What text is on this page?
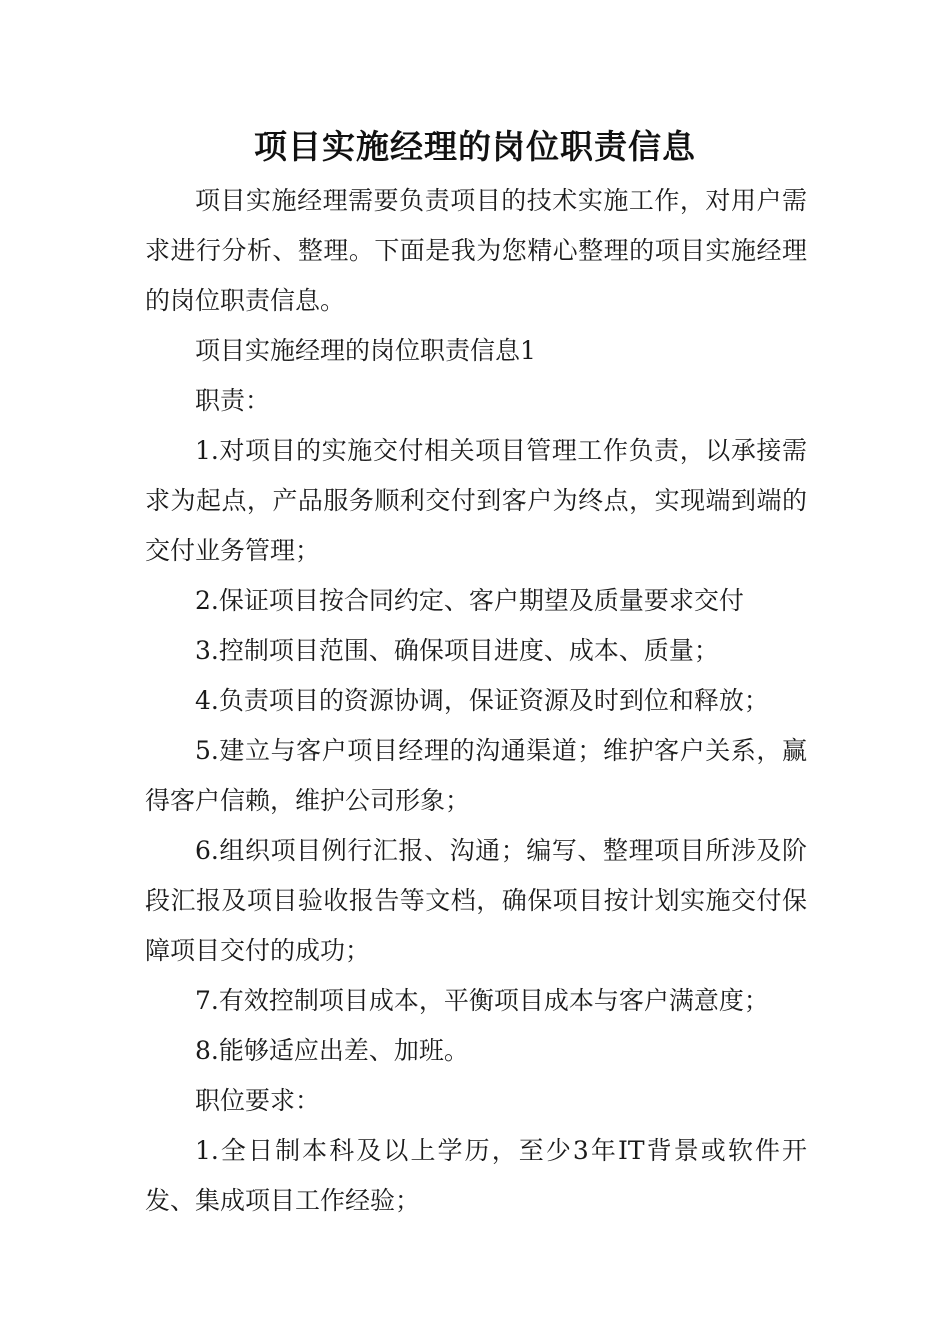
项目实施经理的岗位职责信息

项目实施经理需要负责项目的技术实施工作，对用户需求进行分析、整理。下面是我为您精心整理的项目实施经理的岗位职责信息。

项目实施经理的岗位职责信息1

职责：

1.对项目的实施交付相关项目管理工作负责，以承接需求为起点，产品服务顺利交付到客户为终点，实现端到端的交付业务管理；

2.保证项目按合同约定、客户期望及质量要求交付

3.控制项目范围、确保项目进度、成本、质量；

4.负责项目的资源协调，保证资源及时到位和释放；

5.建立与客户项目经理的沟通渠道；维护客户关系，赢得客户信赖，维护公司形象；

6.组织项目例行汇报、沟通；编写、整理项目所涉及阶段汇报及项目验收报告等文档，确保项目按计划实施交付保障项目交付的成功；

7.有效控制项目成本，平衡项目成本与客户满意度；

8.能够适应出差、加班。

职位要求：

1.全日制本科及以上学历，至少3年IT背景或软件开发、集成项目工作经验；
